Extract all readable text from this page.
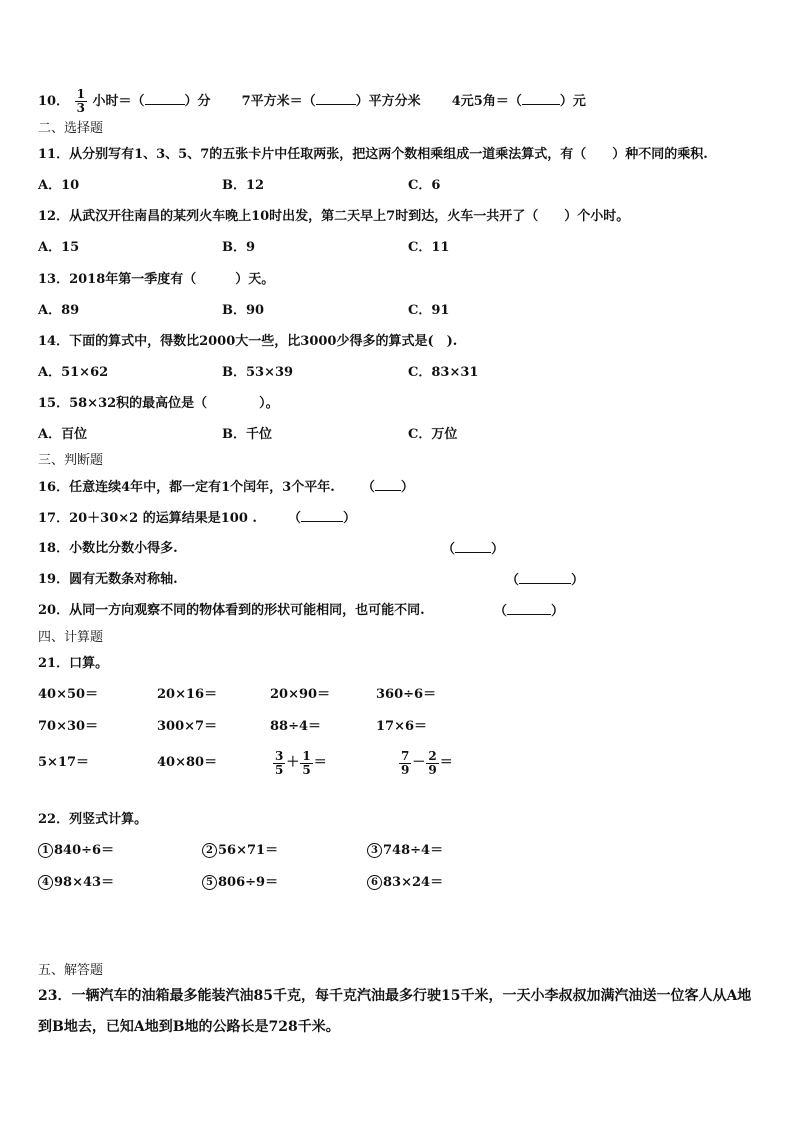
10． $\frac{1}{3}$ 小时＝（	）分 7平方米＝（	）平方分米 4元5角＝（	）元
二、选择题
11．从分别写有1、3、5、7的五张卡片中任取两张，把这两个数相乘组成一道乘法算式，有（　　）种不同的乘积.
A．10	B．12	C．6
12．从武汉开往南昌的某列火车晚上10时出发，第二天早上7时到达，火车一共开了（　　）个小时。
A．15	B．9	C．11
13．2018年第一季度有（　　　）天。
A．89	B．90	C．91
14．下面的算式中，得数比2000大一些，比3000少得多的算式是(　).
A．51×62	B．53×39	C．83×31
15．58×32积的最高位是（　　　　）。
A．百位	B．千位	C．万位
三、判断题
16．任意连续4年中，都一定有1个闰年，3个平年. （ ）
17．20＋30×2 的运算结果是100 . （	）
18．小数比分数小得多.	（	）
19．圆有无数条对称轴.	（	）
20．从同一方向观察不同的物体看到的形状可能相同，也可能不同.	（	）
四、计算题
21．口算。
40×50＝	20×16＝	20×90＝	360÷6＝
70×30＝	300×7＝	88÷4＝	17×6＝
5×17＝	40×80＝	$\frac{3}{5} + \frac{1}{5}$ ＝	$\frac{7}{9} - \frac{2}{9}$ ＝
22．列竖式计算。
1 840÷6＝	2 56×71＝	3 748÷4＝
4 98×43＝	5 806÷9＝	6 83×24＝
五、解答题
23．一辆汽车的油箱最多能装汽油85千克，每千克汽油最多行驶15千米，一天小李叔叔加满汽油送一位客人从A地到B地去，已知A地到B地的公路长是728千米。
